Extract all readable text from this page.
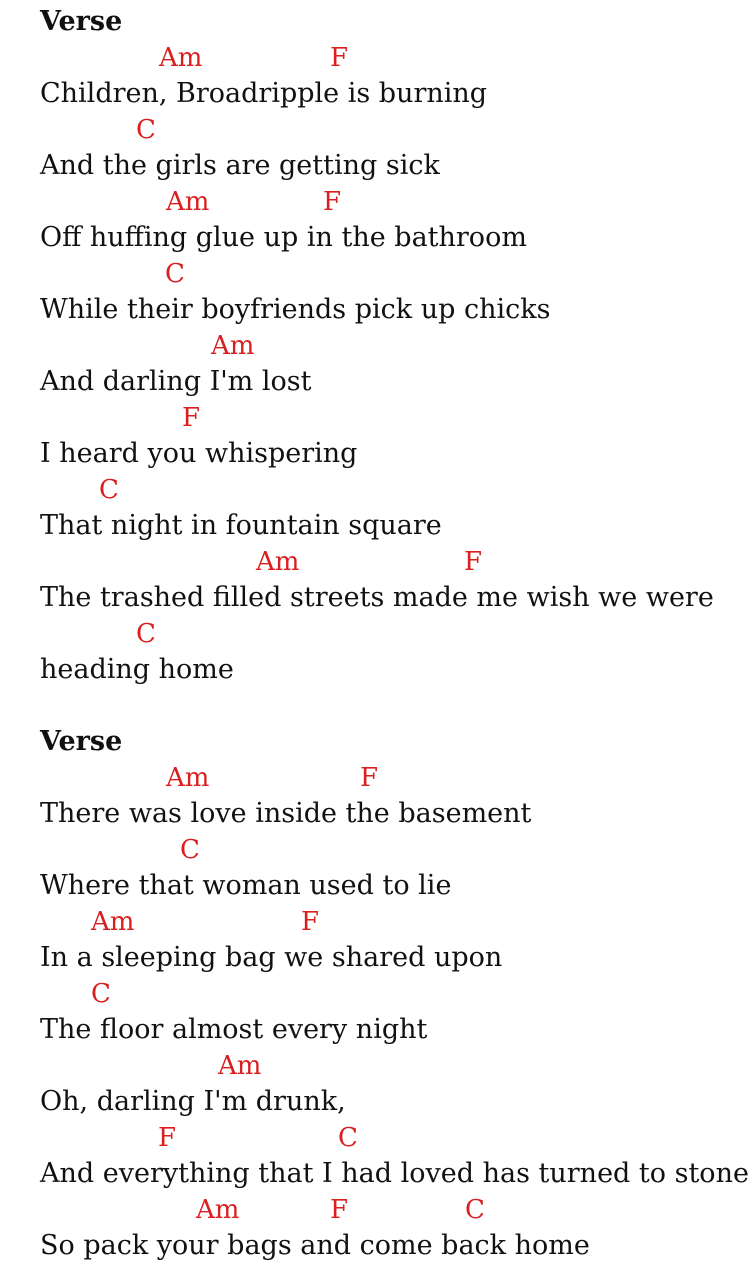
Verse
Am	F
Children, Broadripple is burning
C
And the girls are getting sick
Am	F
Off huffing glue up in the bathroom
C
While their boyfriends pick up chicks
Am
And darling I'm lost
F
I heard you whispering
C
That night in fountain square
Am	F
The trashed filled streets made me wish we were
C
heading home
Verse
Am	F
There was love inside the basement
C
Where that woman used to lie
Am	F
In a sleeping bag we shared upon
C
The floor almost every night
Am
Oh, darling I'm drunk,
F	C
And everything that I had loved has turned to stone
Am	F	C
So pack your bags and come back home
